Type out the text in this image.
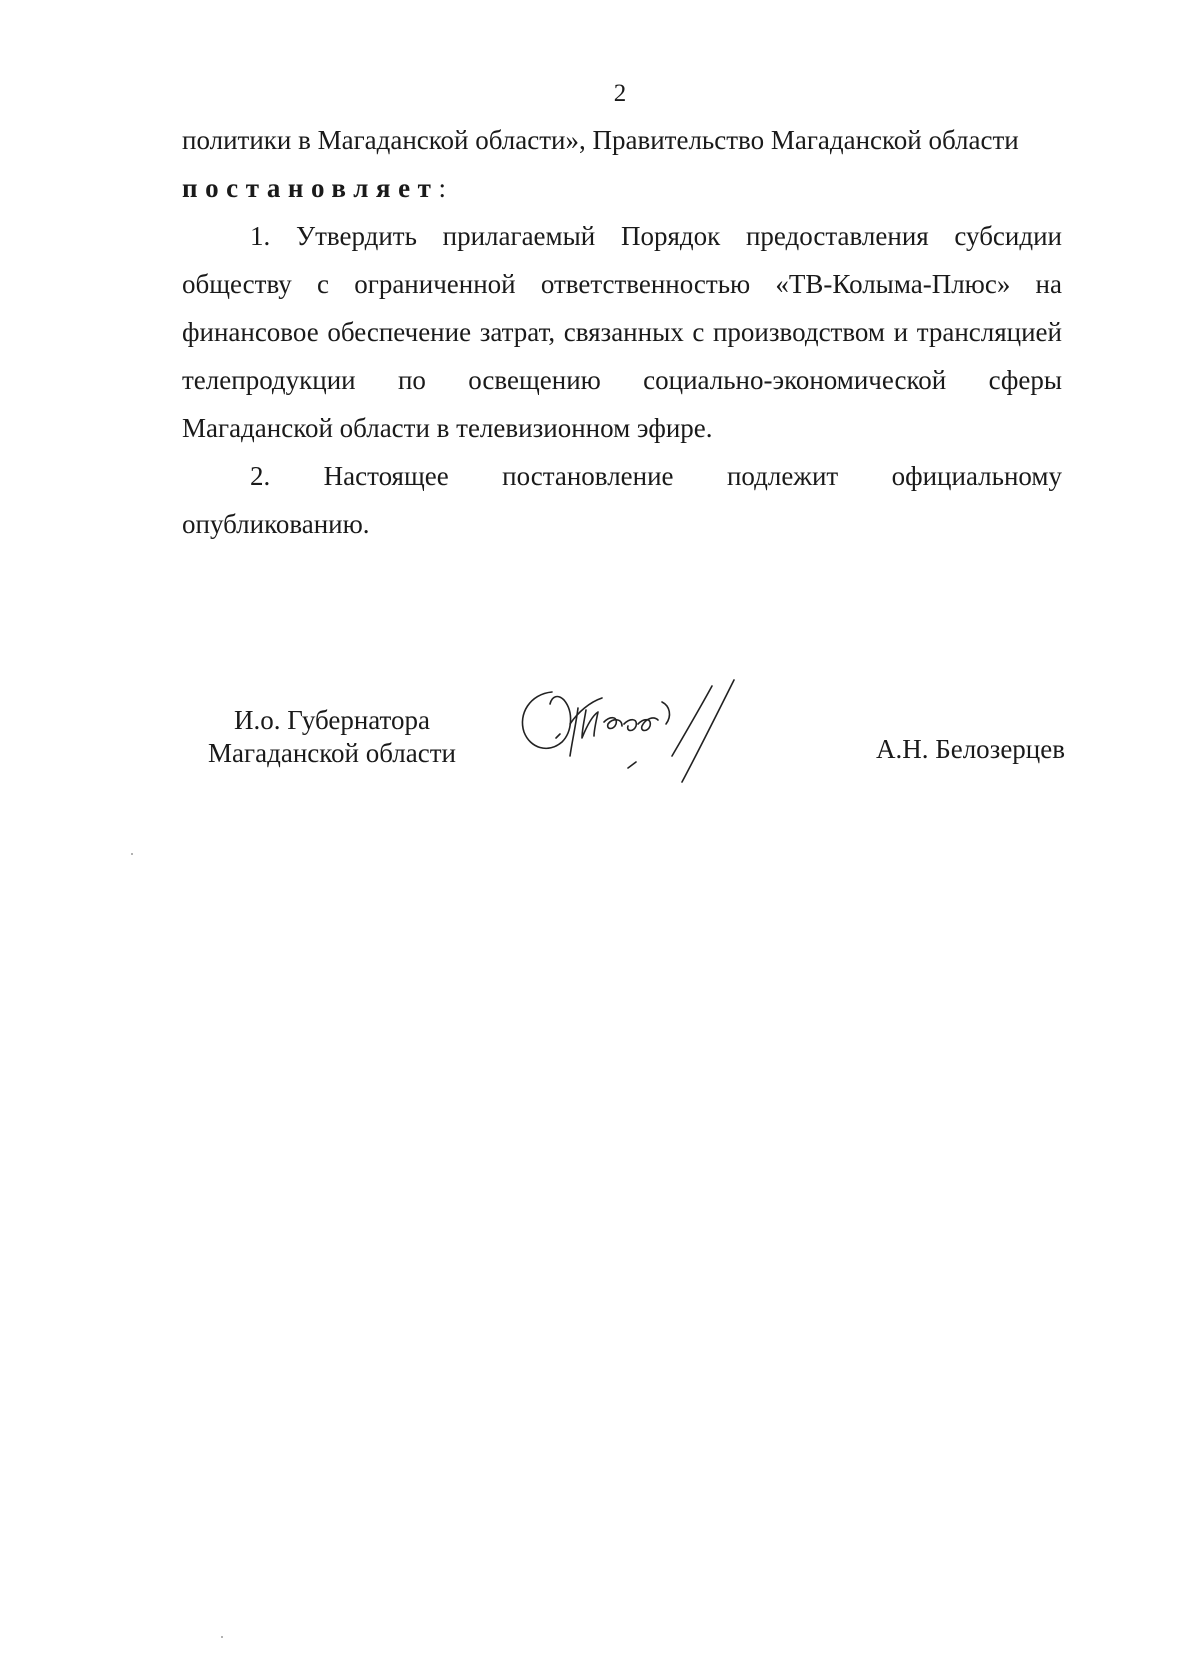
2

политики в Магаданской области», Правительство Магаданской области
постановляет:

1. Утвердить прилагаемый Порядок предоставления субсидии обществу с ограниченной ответственностью «ТВ-Колыма-Плюс» на финансовое обеспечение затрат, связанных с производством и трансляцией телепродукции по освещению социально-экономической сферы Магаданской области в телевизионном эфире.

2. Настоящее постановление подлежит официальному опубликованию.

И.о. Губернатора
Магаданской области	А.Н. Белозерцев
